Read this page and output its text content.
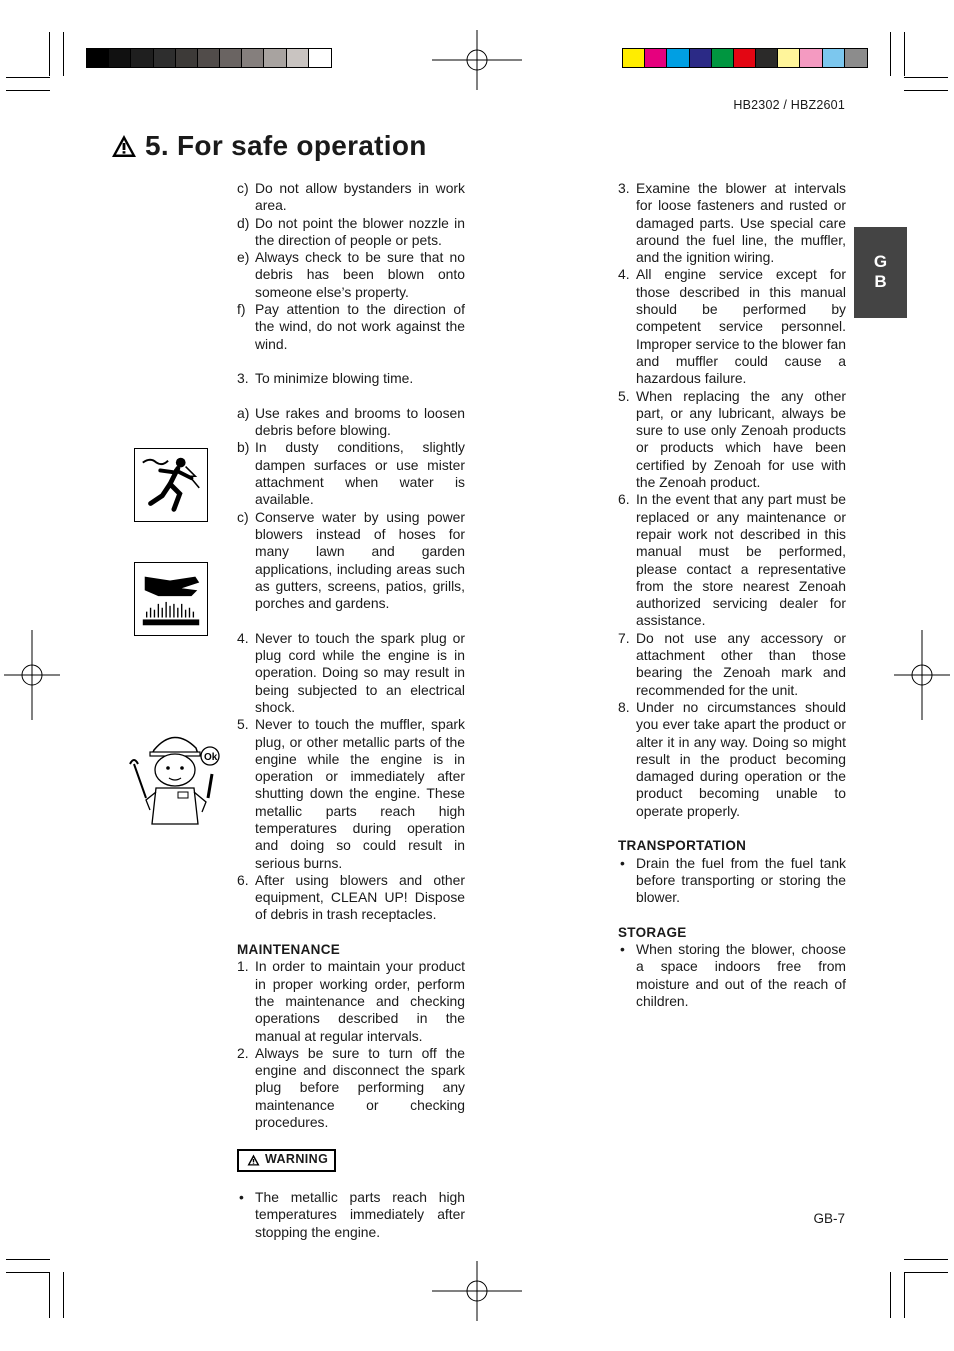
HB2302 / HBZ2601
5. For safe operation
G
B
Ok
c) Do not allow bystanders in work area.
d) Do not point the blower nozzle in the direction of people or pets.
e) Always check to be sure that no debris has been blown onto someone else’s property.
f) Pay attention to the direction of the wind, do not work against the wind.
3. To minimize blowing time.
a) Use rakes and brooms to loosen debris before blowing.
b) In dusty conditions, slightly dampen surfaces or use mister attachment when water is available.
c) Conserve water by using power blowers instead of hoses for many lawn and garden applications, including areas such as gutters, screens, patios, grills, porches and gardens.
4. Never to touch the spark plug or plug cord while the engine is in operation. Doing so may result in being subjected to an electrical shock.
5. Never to touch the muffler, spark plug, or other metallic parts of the engine while the engine is in operation or immediately after shutting down the engine. These metallic parts reach high temperatures during operation and doing so could result in serious burns.
6. After using blowers and other equipment, CLEAN UP! Dispose of debris in trash receptacles.
MAINTENANCE
1. In order to maintain your product in proper working order, perform the maintenance and checking operations described in the manual at regular intervals.
2. Always be sure to turn off the engine and disconnect the spark plug before performing any maintenance or checking procedures.
WARNING
• The metallic parts reach high temperatures immediately after stopping the engine.
3. Examine the blower at intervals for loose fasteners and rusted or damaged parts. Use special care around the fuel line, the muffler, and the ignition wiring.
4. All engine service except for those described in this manual should be performed by competent service personnel. Improper service to the blower fan and muffler could cause a hazardous failure.
5. When replacing the any other part, or any lubricant, always be sure to use only Zenoah products or products which have been certified by Zenoah for use with the Zenoah product.
6. In the event that any part must be replaced or any maintenance or repair work not described in this manual must be performed, please contact a representative from the store nearest Zenoah authorized servicing dealer for assistance.
7. Do not use any accessory or attachment other than those bearing the Zenoah mark and recommended for the unit.
8. Under no circumstances should you ever take apart the product or alter it in any way. Doing so might result in the product becoming damaged during operation or the product becoming unable to operate properly.
TRANSPORTATION
• Drain the fuel from the fuel tank before transporting or storing the blower.
STORAGE
• When storing the blower, choose a space indoors free from moisture and out of the reach of children.
GB-7
